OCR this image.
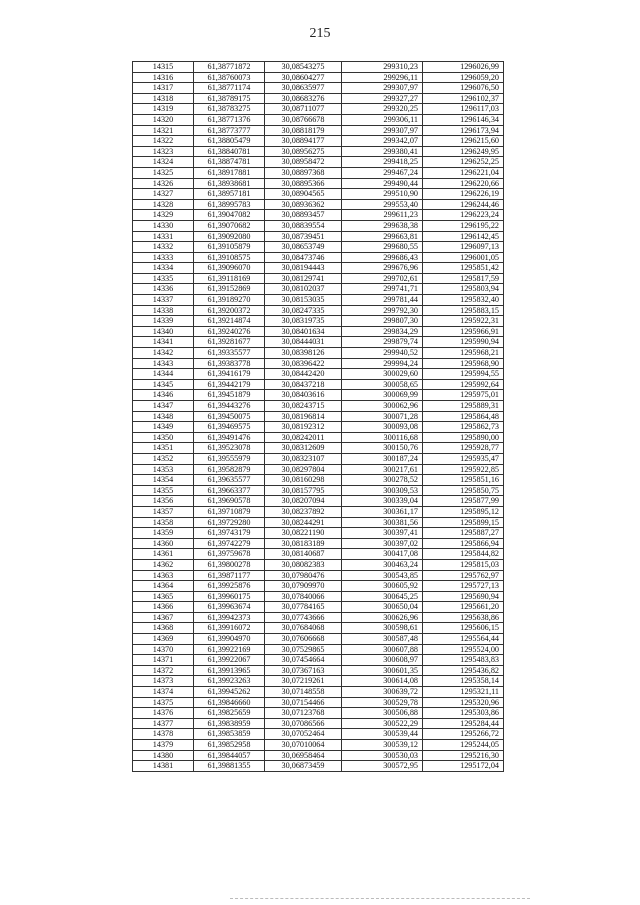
215
14315	61,38771872	30,08543275	299310,23	1296026,99
14316	61,38760073	30,08604277	299296,11	1296059,20
14317	61,38771174	30,08635977	299307,97	1296076,50
14318	61,38789175	30,08683276	299327,27	1296102,37
14319	61,38783275	30,08711077	299320,25	1296117,03
14320	61,38771376	30,08766678	299306,11	1296146,34
14321	61,38773777	30,08818179	299307,97	1296173,94
14322	61,38805479	30,08894177	299342,07	1296215,60
14323	61,38840781	30,08956275	299380,41	1296249,95
14324	61,38874781	30,08958472	299418,25	1296252,25
14325	61,38917881	30,08897368	299467,24	1296221,04
14326	61,38938681	30,08895366	299490,44	1296220,66
14327	61,38957181	30,08904565	299510,90	1296226,19
14328	61,38995783	30,08936362	299553,40	1296244,46
14329	61,39047082	30,08893457	299611,23	1296223,24
14330	61,39070682	30,08839554	299638,38	1296195,22
14331	61,39092080	30,08739451	299663,81	1296142,45
14332	61,39105879	30,08653749	299680,55	1296097,13
14333	61,39108575	30,08473746	299686,43	1296001,05
14334	61,39096070	30,08194443	299676,96	1295851,42
14335	61,39118169	30,08129741	299702,61	1295817,59
14336	61,39152869	30,08102037	299741,71	1295803,94
14337	61,39189270	30,08153035	299781,44	1295832,40
14338	61,39200372	30,08247335	299792,30	1295883,15
14339	61,39214874	30,08319735	299807,30	1295922,31
14340	61,39240276	30,08401634	299834,29	1295966,91
14341	61,39281677	30,08444031	299879,74	1295990,94
14342	61,39335577	30,08398126	299940,52	1295968,21
14343	61,39383778	30,08396422	299994,24	1295968,90
14344	61,39416179	30,08442420	300029,60	1295994,55
14345	61,39442179	30,08437218	300058,65	1295992,64
14346	61,39451879	30,08403616	300069,99	1295975,01
14347	61,39443276	30,08243715	300062,96	1295889,31
14348	61,39450075	30,08196814	300071,28	1295864,48
14349	61,39469575	30,08192312	300093,08	1295862,73
14350	61,39491476	30,08242011	300116,68	1295890,00
14351	61,39523078	30,08312609	300150,76	1295928,77
14352	61,39555979	30,08323107	300187,24	1295935,47
14353	61,39582879	30,08297804	300217,61	1295922,85
14354	61,39635577	30,08160298	300278,52	1295851,16
14355	61,39663377	30,08157795	300309,53	1295850,75
14356	61,39690578	30,08207094	300339,04	1295877,99
14357	61,39710879	30,08237892	300361,17	1295895,12
14358	61,39729280	30,08244291	300381,56	1295899,15
14359	61,39743179	30,08221190	300397,41	1295887,27
14360	61,39742279	30,08183189	300397,02	1295866,94
14361	61,39759678	30,08140687	300417,08	1295844,82
14362	61,39800278	30,08082383	300463,24	1295815,03
14363	61,39871177	30,07980476	300543,85	1295762,97
14364	61,39925876	30,07909970	300605,92	1295727,13
14365	61,39960175	30,07840066	300645,25	1295690,94
14366	61,39963674	30,07784165	300650,04	1295661,20
14367	61,39942373	30,07743666	300626,96	1295638,86
14368	61,39916072	30,07684068	300598,61	1295606,15
14369	61,39904970	30,07606668	300587,48	1295564,44
14370	61,39922169	30,07529865	300607,88	1295524,00
14371	61,39922067	30,07454664	300608,97	1295483,83
14372	61,39913965	30,07367163	300601,35	1295436,82
14373	61,39923263	30,07219261	300614,08	1295358,14
14374	61,39945262	30,07148558	300639,72	1295321,11
14375	61,39846660	30,07154466	300529,78	1295320,96
14376	61,39825659	30,07123768	300506,88	1295303,86
14377	61,39838959	30,07086566	300522,29	1295284,44
14378	61,39853859	30,07052464	300539,44	1295266,72
14379	61,39852958	30,07010064	300539,12	1295244,05
14380	61,39844057	30,06958464	300530,03	1295216,30
14381	61,39881355	30,06873459	300572,95	1295172,04
